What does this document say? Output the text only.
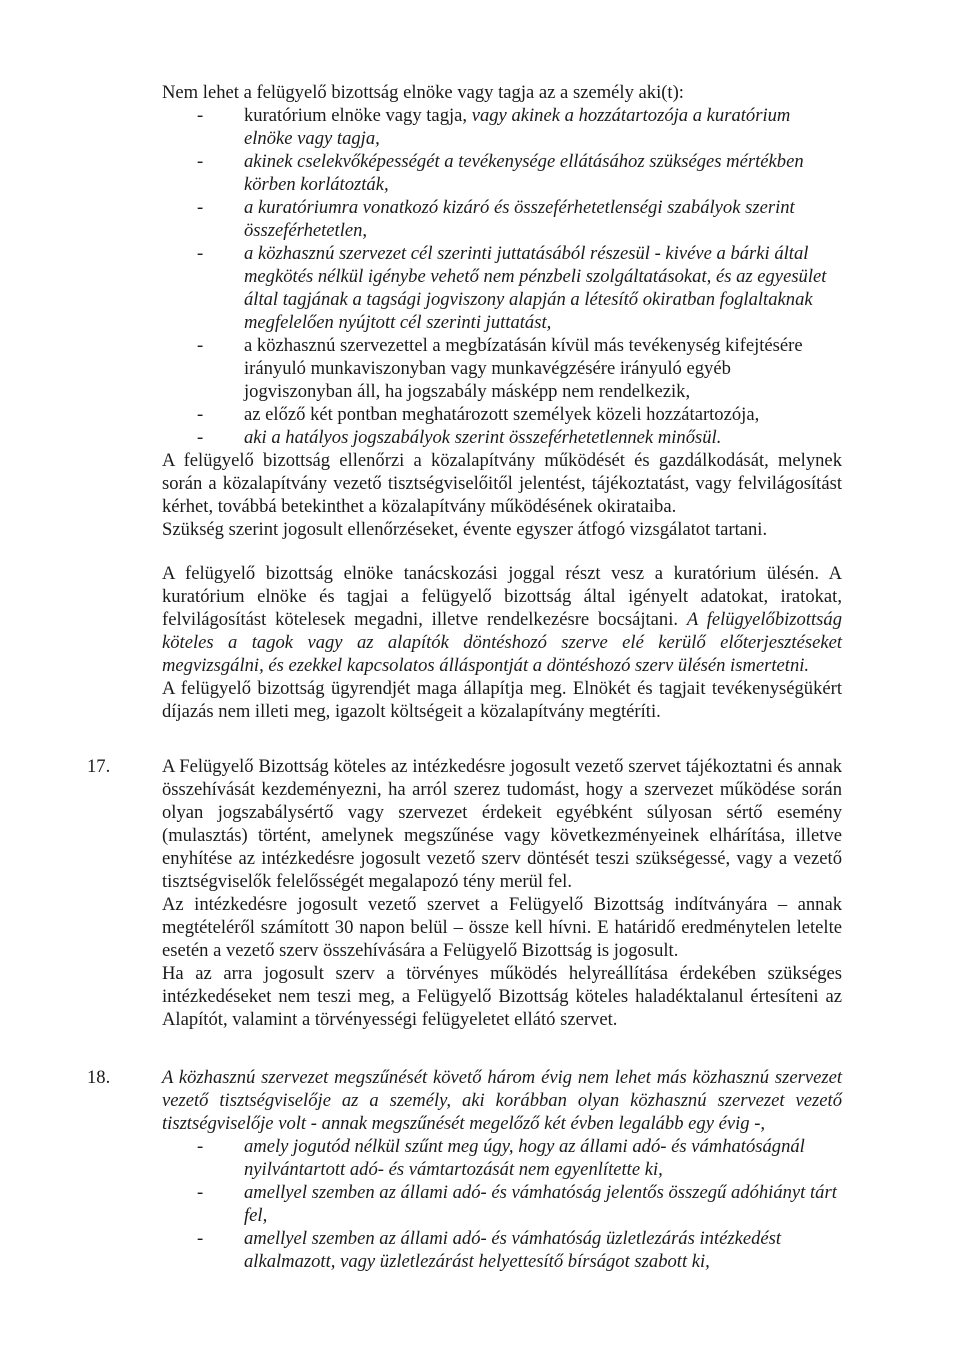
Nem lehet a felügyelő bizottság elnöke vagy tagja az a személy aki(t):

- kuratórium elnöke vagy tagja, vagy akinek a hozzátartozója a kuratórium elnöke vagy tagja,
- akinek cselekvőképességét a tevékenysége ellátásához szükséges mértékben körben korlátozták,
- a kuratóriumra vonatkozó kizáró és összeférhetetlenségi szabályok szerint összeférhetetlen,
- a közhasznú szervezet cél szerinti juttatásából részesül - kivéve a bárki által megkötés nélkül igénybe vehető nem pénzbeli szolgáltatásokat, és az egyesület által tagjának a tagsági jogviszony alapján a létesítő okiratban foglaltaknak megfelelően nyújtott cél szerinti juttatást,
- a közhasznú szervezettel a megbízatásán kívül más tevékenység kifejtésére irányuló munkaviszonyban vagy munkavégzésére irányuló egyéb jogviszonyban áll, ha jogszabály másképp nem rendelkezik,
- az előző két pontban meghatározott személyek közeli hozzátartozója,
- aki a hatályos jogszabályok szerint összeférhetetlennek minősül.

A felügyelő bizottság ellenőrzi a közalapítvány működését és gazdálkodását, melynek során a közalapítvány vezető tisztségviselőitől jelentést, tájékoztatást, vagy felvilágosítást kérhet, továbbá betekinthet a közalapítvány működésének okirataiba.

Szükség szerint jogosult ellenőrzéseket, évente egyszer átfogó vizsgálatot tartani.

A felügyelő bizottság elnöke tanácskozási joggal részt vesz a kuratórium ülésén. A kuratórium elnöke és tagjai a felügyelő bizottság által igényelt adatokat, iratokat, felvilágosítást kötelesek megadni, illetve rendelkezésre bocsájtani. A felügyelőbizottság köteles a tagok vagy az alapítók döntéshozó szerve elé kerülő előterjesztéseket megvizsgálni, és ezekkel kapcsolatos álláspontját a döntéshozó szerv ülésén ismertetni.

A felügyelő bizottság ügyrendjét maga állapítja meg. Elnökét és tagjait tevékenységükért díjazás nem illeti meg, igazolt költségeit a közalapítvány megtéríti.

17.	A Felügyelő Bizottság köteles az intézkedésre jogosult vezető szervet tájékoztatni és annak összehívását kezdeményezni, ha arról szerez tudomást, hogy a szervezet működése során olyan jogszabálysértő vagy szervezet érdekeit egyébként súlyosan sértő esemény (mulasztás) történt, amelynek megszűnése vagy következményeinek elhárítása, illetve enyhítése az intézkedésre jogosult vezető szerv döntését teszi szükségessé, vagy a vezető tisztségviselők felelősségét megalapozó tény merül fel.

Az intézkedésre jogosult vezető szervet a Felügyelő Bizottság indítványára – annak megtételéről számított 30 napon belül – össze kell hívni. E határidő eredménytelen letelte esetén a vezető szerv összehívására a Felügyelő Bizottság is jogosult.

Ha az arra jogosult szerv a törvényes működés helyreállítása érdekében szükséges intézkedéseket nem teszi meg, a Felügyelő Bizottság köteles haladéktalanul értesíteni az Alapítót, valamint a törvényességi felügyeletet ellátó szervet.

18.	A közhasznú szervezet megszűnését követő három évig nem lehet más közhasznú szervezet vezető tisztségviselője az a személy, aki korábban olyan közhasznú szervezet vezető tisztségviselője volt - annak megszűnését megelőző két évben legalább egy évig -,

- amely jogutód nélkül szűnt meg úgy, hogy az állami adó- és vámhatóságnál nyilvántartott adó- és vámtartozását nem egyenlítette ki,
- amellyel szemben az állami adó- és vámhatóság jelentős összegű adóhiányt tárt fel,
- amellyel szemben az állami adó- és vámhatóság üzletlezárás intézkedést alkalmazott, vagy üzletlezárást helyettesítő bírságot szabott ki,
